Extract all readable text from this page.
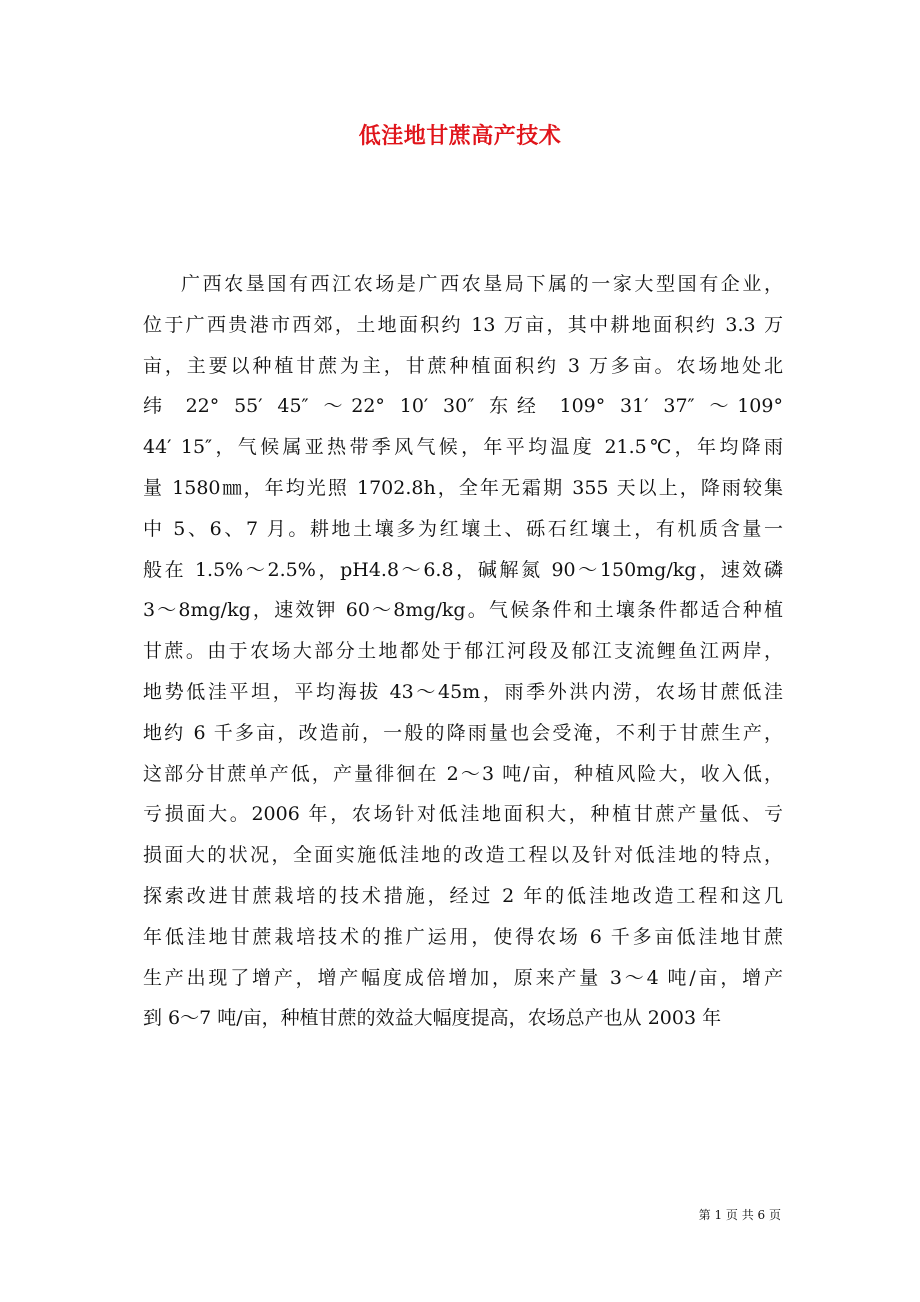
低洼地甘蔗高产技术
广西农垦国有西江农场是广西农垦局下属的一家大型国有企业，
位于广西贵港市西郊，土地面积约 13 万亩，其中耕地面积约 3.3 万
亩，主要以种植甘蔗为主，甘蔗种植面积约 3 万多亩。农场地处北
纬 22° 55′ 45″ ～22° 10′ 30″ 东经 109° 31′ 37″ ～109°
44′ 15″，气候属亚热带季风气候，年平均温度 21.5℃，年均降雨
量 1580㎜，年均光照 1702.8h，全年无霜期 355 天以上，降雨较集
中 5、6、7 月。耕地土壤多为红壤土、砾石红壤土，有机质含量一
般在 1.5%～2.5%，pH4.8～6.8，碱解氮 90～150mg/kg，速效磷
3～8mg/kg，速效钾 60～8mg/kg。气候条件和土壤条件都适合种植
甘蔗。由于农场大部分土地都处于郁江河段及郁江支流鲤鱼江两岸，
地势低洼平坦，平均海拔 43～45m，雨季外洪内涝，农场甘蔗低洼
地约 6 千多亩，改造前，一般的降雨量也会受淹，不利于甘蔗生产，
这部分甘蔗单产低，产量徘徊在 2～3 吨/亩，种植风险大，收入低，
亏损面大。2006 年，农场针对低洼地面积大，种植甘蔗产量低、亏
损面大的状况，全面实施低洼地的改造工程以及针对低洼地的特点，
探索改进甘蔗栽培的技术措施，经过 2 年的低洼地改造工程和这几
年低洼地甘蔗栽培技术的推广运用，使得农场 6 千多亩低洼地甘蔗
生产出现了增产，增产幅度成倍增加，原来产量 3～4 吨/亩，增产
到 6～7 吨/亩，种植甘蔗的效益大幅度提高，农场总产也从 2003 年
第 1 页 共 6 页
